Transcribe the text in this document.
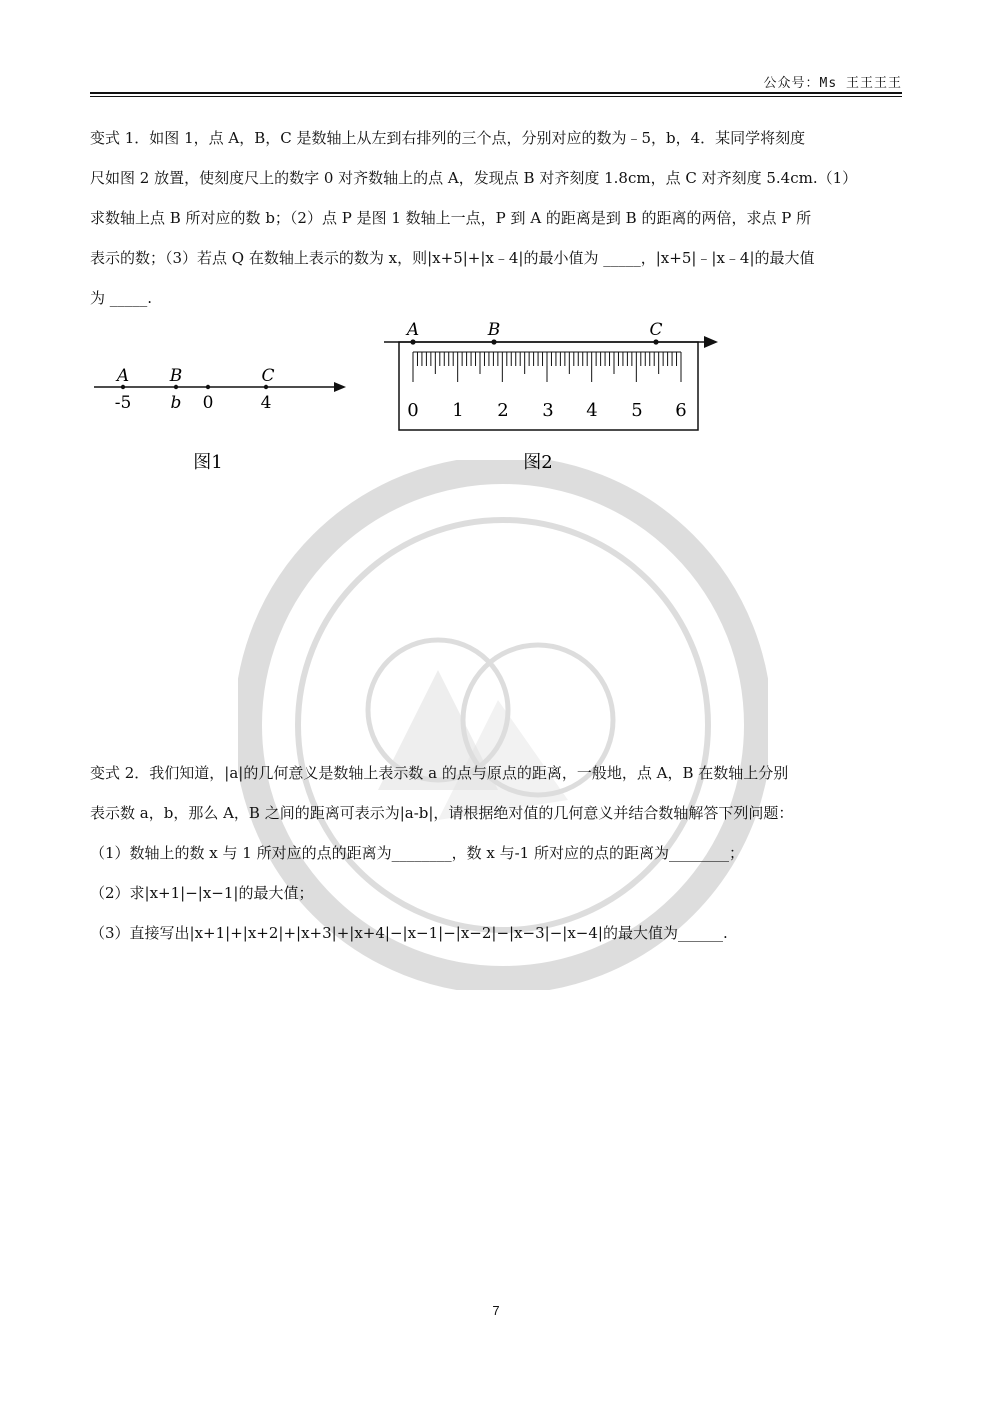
公众号：Ms 王王王王
变式 1．如图 1，点 A，B，C 是数轴上从左到右排列的三个点，分别对应的数为﹣5，b，4．某同学将刻度
尺如图 2 放置，使刻度尺上的数字 0 对齐数轴上的点 A，发现点 B 对齐刻度 1.8cm，点 C 对齐刻度 5.4cm.（1）
求数轴上点 B 所对应的数 b；（2）点 P 是图 1 数轴上一点，P 到 A 的距离是到 B 的距离的两倍，求点 P 所
表示的数；（3）若点 Q 在数轴上表示的数为 x，则|x+5|+|x﹣4|的最小值为 _____，|x+5|﹣|x﹣4|的最大值
为 _____.
A B	C
-5 b 0	4
图1
A	B	C
0 1 2 3 4 5 6
图2
变式 2．我们知道，|a|的几何意义是数轴上表示数 a 的点与原点的距离，一般地，点 A，B 在数轴上分别
表示数 a，b，那么 A，B 之间的距离可表示为|a-b|，请根据绝对值的几何意义并结合数轴解答下列问题：
（1）数轴上的数 x 与 1 所对应的点的距离为________，数 x 与-1 所对应的点的距离为________；
（2）求|x+1|−|x−1|的最大值；
（3）直接写出|x+1|+|x+2|+|x+3|+|x+4|−|x−1|−|x−2|−|x−3|−|x−4|的最大值为______.
7
